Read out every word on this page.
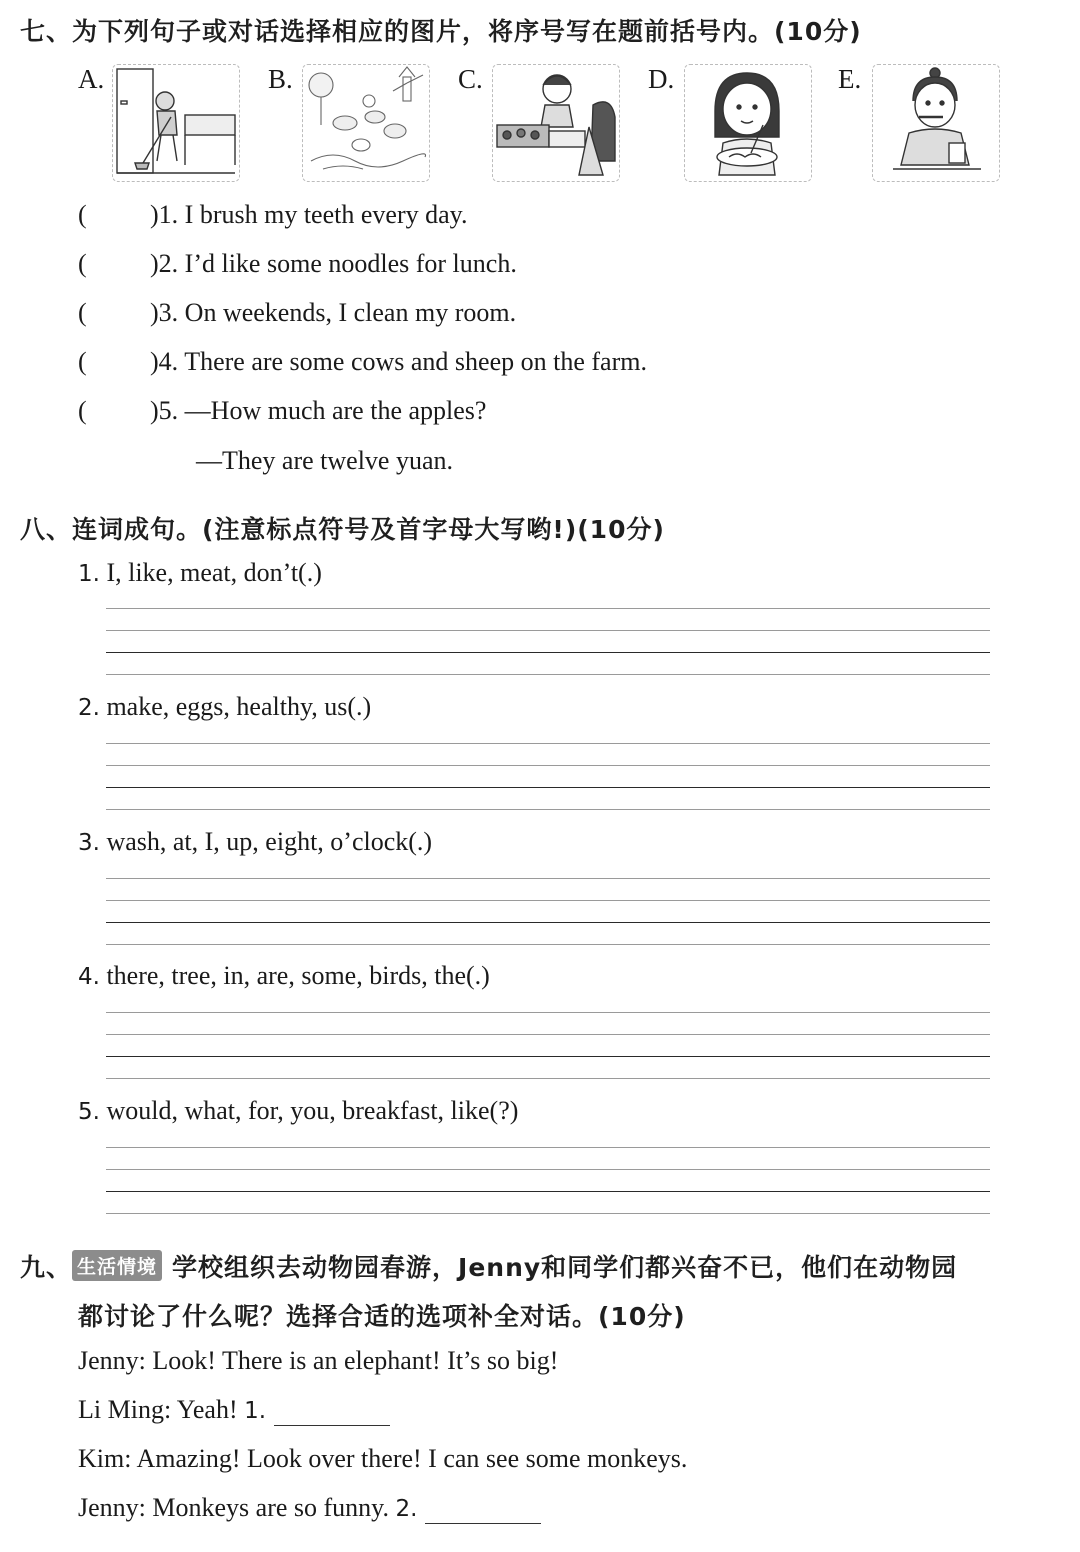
七、为下列句子或对话选择相应的图片，将序号写在题前括号内。(10分)
A.	B.	C.	D.	E.
( )1. I brush my teeth every day.
( )2. I’d like some noodles for lunch.
( )3. On weekends, I clean my room.
( )4. There are some cows and sheep on the farm.
( )5. —How much are the apples?
—They are twelve yuan.
八、连词成句。(注意标点符号及首字母大写哟!)(10分)
1. I, like, meat, don’t(.)
2. make, eggs, healthy, us(.)
3. wash, at, I, up, eight, o’clock(.)
4. there, tree, in, are, some, birds, the(.)
5. would, what, for, you, breakfast, like(?)
九、 生活情境 学校组织去动物园春游，Jenny和同学们都兴奋不已，他们在动物园
都讨论了什么呢？选择合适的选项补全对话。(10分)
Jenny: Look! There is an elephant! It’s so big!
Li Ming: Yeah! 1.
Kim: Amazing! Look over there! I can see some monkeys.
Jenny: Monkeys are so funny. 2.
